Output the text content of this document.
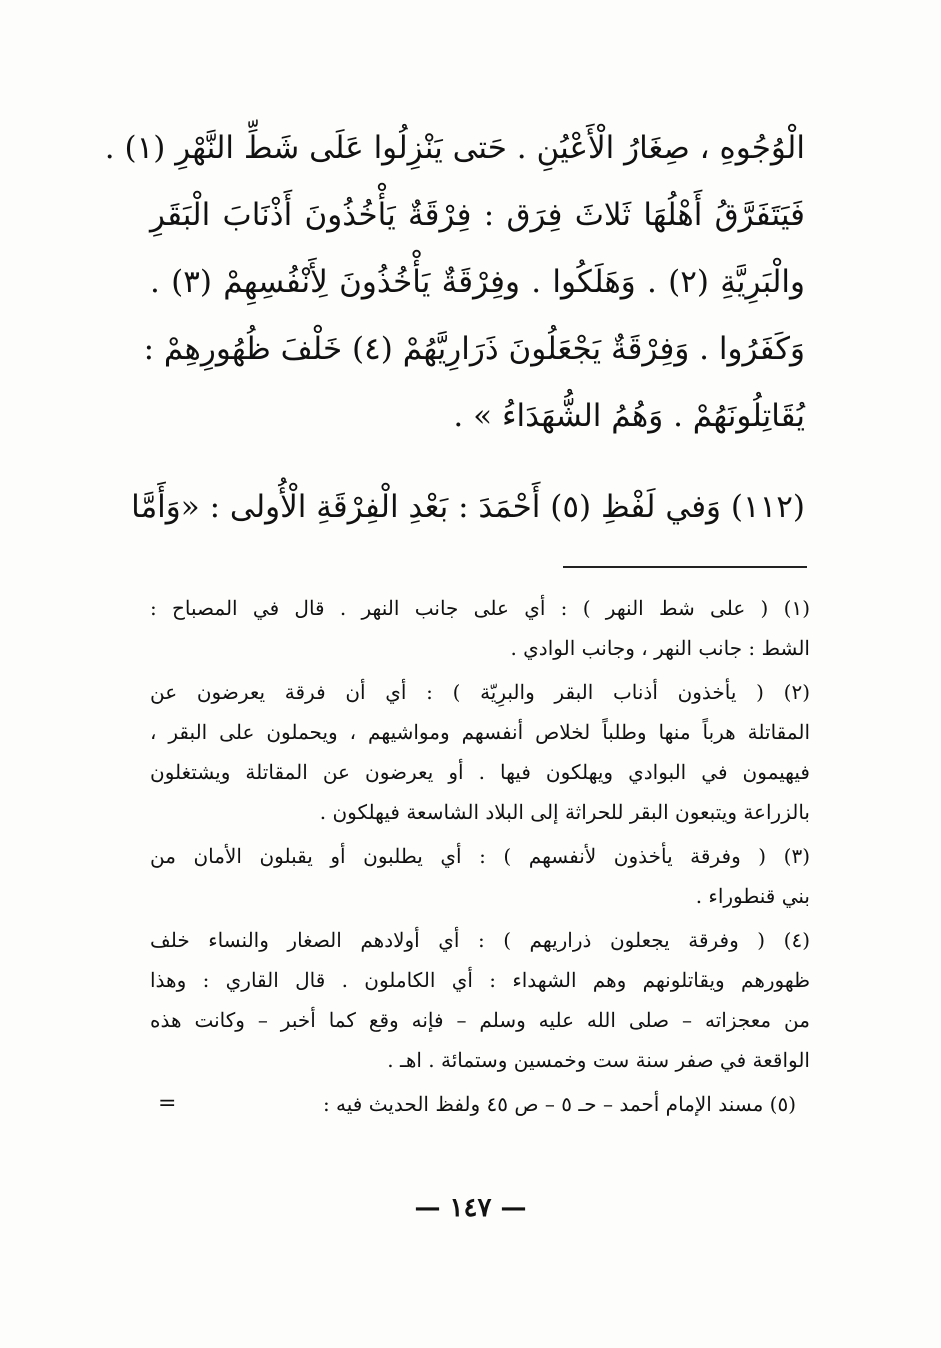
الْوُجُوهِ ، صِغَارُ الْأَعْيُنِ . حَتى يَنْزِلُوا عَلَى شَطِّ النَّهْرِ (١) .
فَيَتَفَرَّقُ أَهْلُهَا ثَلاثَ فِرَق : فِرْقَةٌ يَأْخُذُونَ أَذْنَابَ الْبَقَرِ
والْبَرِيَّةِ (٢) . وَهَلَكُوا . وفِرْقَةٌ يَأْخُذُونَ لِأَنْفُسِهِمْ (٣) .
وَكَفَرُوا . وَفِرْقَةٌ يَجْعَلُونَ ذَرَارِيَّهُمْ (٤) خَلْفَ ظُهُورِهِمْ :
يُقَاتِلُونَهُمْ . وَهُمُ الشُّهَدَاءُ » .
(١١٢) وَفي لَفْظِ (٥) أَحْمَدَ : بَعْدِ الْفِرْقَةِ الْأُولى : «وَأَمَّا
(١) ( على شط النهر ) : أي على جانب النهر . قال في المصباح :
الشط : جانب النهر ، وجانب الوادي .
(٢) ( يأخذون أذناب البقر والبرِيّة ) : أي أن فرقة يعرضون عن
المقاتلة هرباً منها وطلباً لخلاص أنفسهم ومواشيهم ، ويحملون على البقر ،
فيهيمون في البوادي ويهلكون فيها . أو يعرضون عن المقاتلة ويشتغلون
بالزراعة ويتبعون البقر للحراثة إلى البلاد الشاسعة فيهلكون .
(٣) ( وفرقة يأخذون لأنفسهم ) : أي يطلبون أو يقبلون الأمان من
بني قنطوراء .
(٤) ( وفرقة يجعلون ذراريهم ) : أي أولادهم الصغار والنساء خلف
ظهورهم ويقاتلونهم وهم الشهداء : أي الكاملون . قال القاري : وهذا
من معجزاته – صلى الله عليه وسلم – فإنه وقع كما أخبر – وكانت هذه
الواقعة في صفر سنة ست وخمسين وستمائة . اهـ .
(٥) مسند الإمام أحمد – حـ ٥ – ص ٤٥ ولفظ الحديث فيه :
=
— ١٤٧ —
